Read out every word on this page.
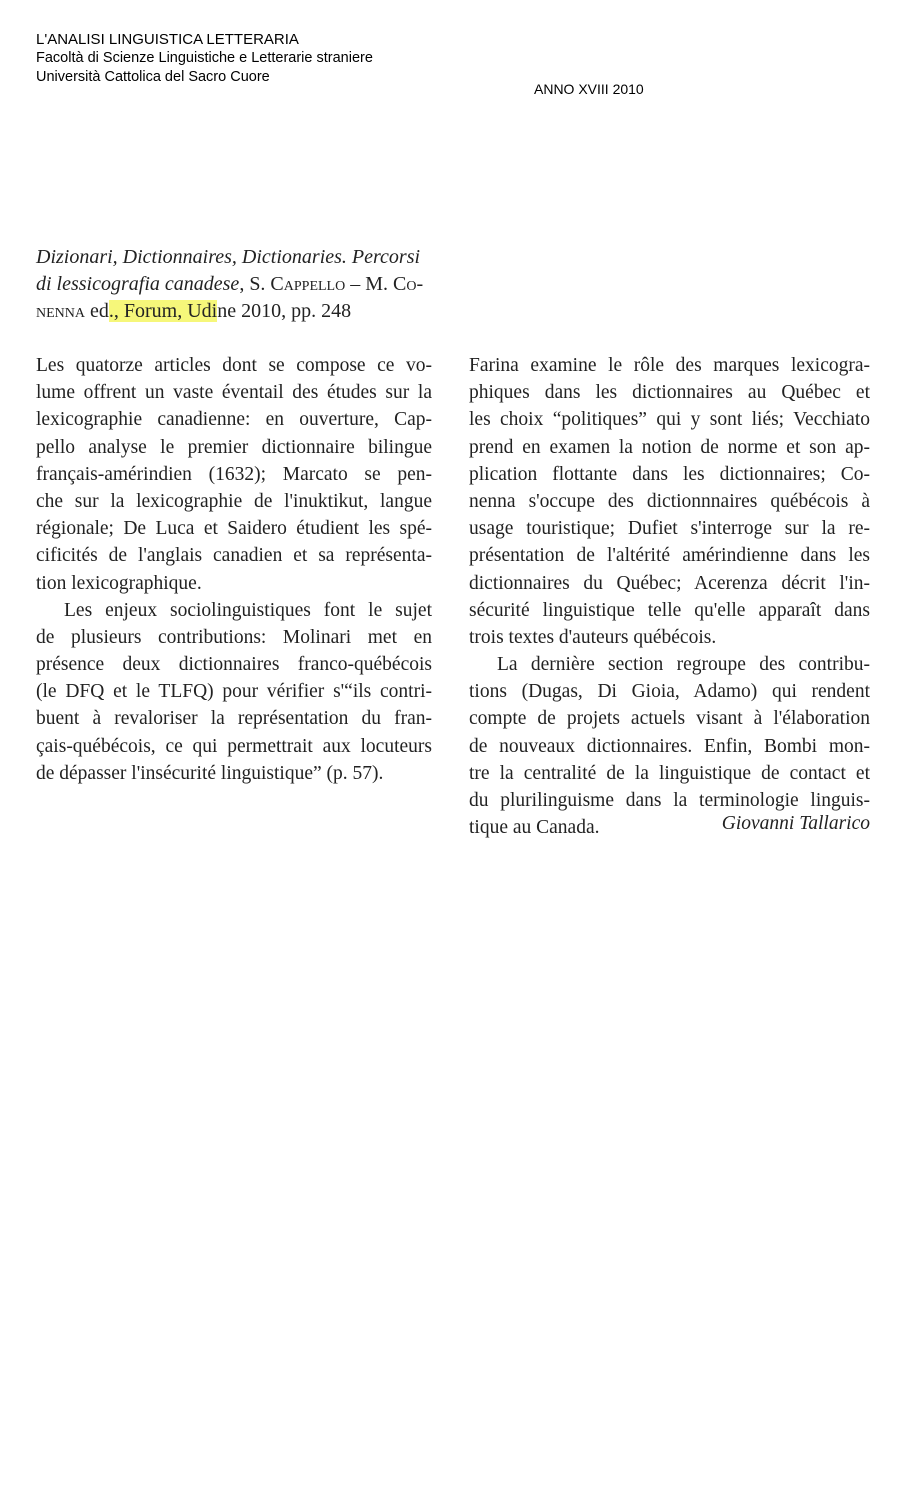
L'ANALISI LINGUISTICA LETTERARIA
Facoltà di Scienze Linguistiche e Letterarie straniere
Università Cattolica del Sacro Cuore
ANNO XVIII 2010
Dizionari, Dictionnaires, Dictionaries. Percorsi
di lessicografia canadese, S. Cappello – M. Co-
nenna ed., Forum, Udine 2010, pp. 248
Les quatorze articles dont se compose ce vo-
lume offrent un vaste éventail des études sur la
lexicographie canadienne: en ouverture, Cap-
pello analyse le premier dictionnaire bilingue
français-amérindien (1632); Marcato se pen-
che sur la lexicographie de l'inuktikut, langue
régionale; De Luca et Saidero étudient les spé-
cificités de l'anglais canadien et sa représenta-
tion lexicographique.
Les enjeux sociolinguistiques font le sujet
de plusieurs contributions: Molinari met en
présence deux dictionnaires franco-québécois
(le DFQ et le TLFQ) pour vérifier s'“ils contri-
buent à revaloriser la représentation du fran-
çais-québécois, ce qui permettrait aux locuteurs
de dépasser l'insécurité linguistique” (p. 57).
Farina examine le rôle des marques lexicogra-
phiques dans les dictionnaires au Québec et
les choix “politiques” qui y sont liés; Vecchiato
prend en examen la notion de norme et son ap-
plication flottante dans les dictionnaires; Co-
nenna s'occupe des dictionnnaires québécois à
usage touristique; Dufiet s'interroge sur la re-
présentation de l'altérité amérindienne dans les
dictionnaires du Québec; Acerenza décrit l'in-
sécurité linguistique telle qu'elle apparaît dans
trois textes d'auteurs québécois.
La dernière section regroupe des contribu-
tions (Dugas, Di Gioia, Adamo) qui rendent
compte de projets actuels visant à l'élaboration
de nouveaux dictionnaires. Enfin, Bombi mon-
tre la centralité de la linguistique de contact et
du plurilinguisme dans la terminologie linguis-
tique au Canada.	Giovanni Tallarico
